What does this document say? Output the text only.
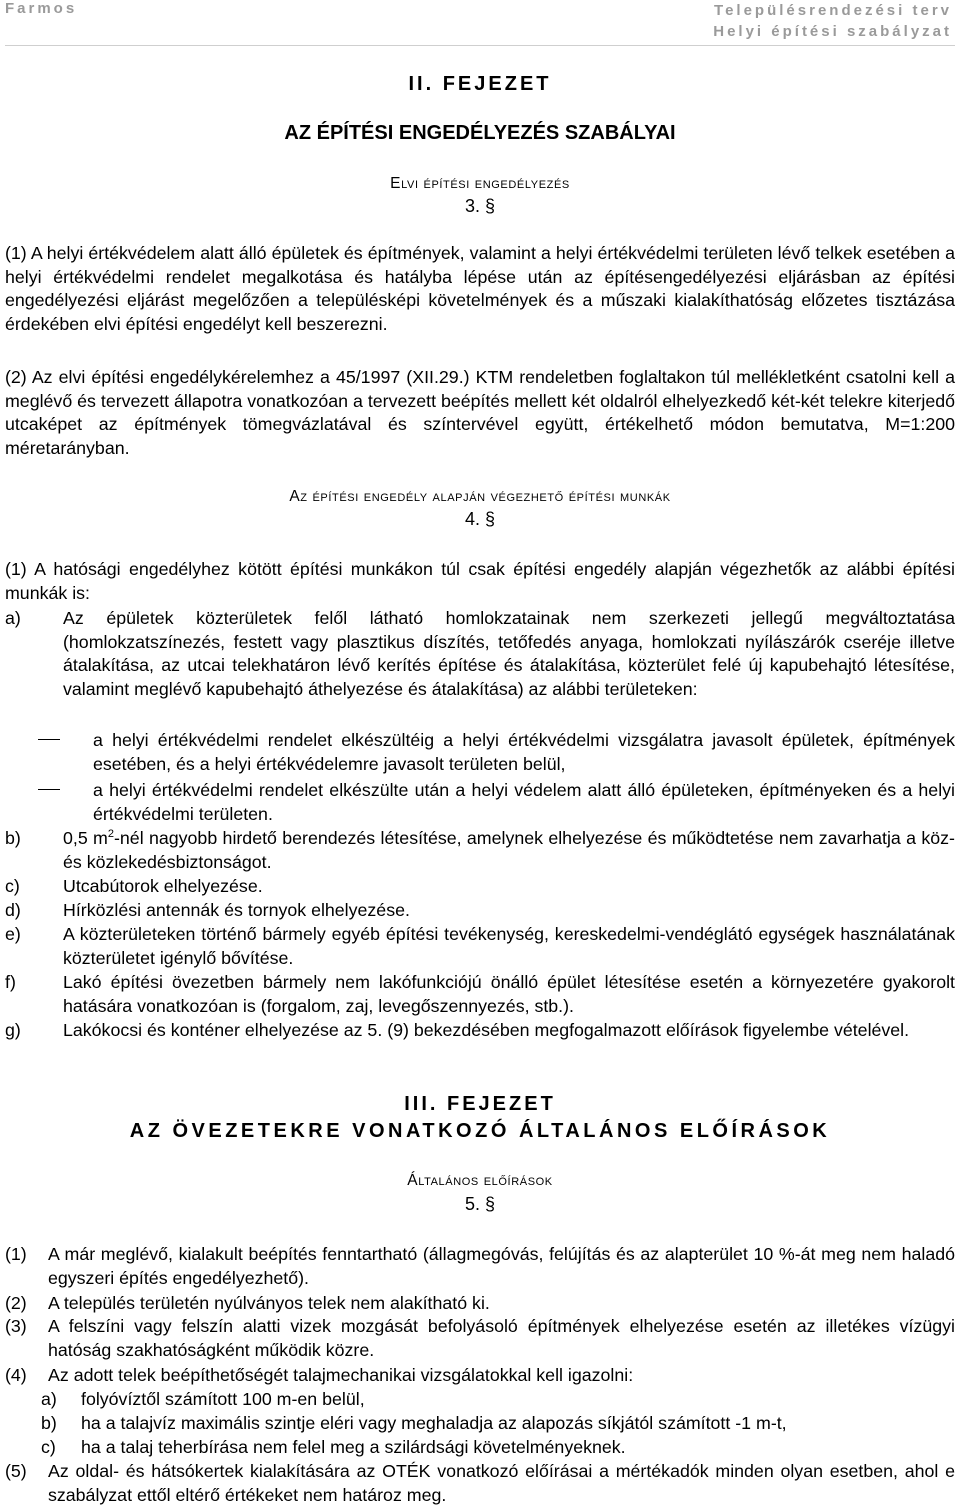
Farmos	Településrendezési terv
Helyi építési szabályzat
II. FEJEZET
AZ ÉPÍTÉSI ENGEDÉLYEZÉS SZABÁLYAI
Elvi építési engedélyezés
3. §

(1) A helyi értékvédelem alatt álló épületek és építmények, valamint a helyi értékvédelmi területen lévő telkek esetében a helyi értékvédelmi rendelet megalkotása és hatályba lépése után az építésengedélyezési eljárásban az építési engedélyezési eljárást megelőzően a településképi követelmények és a műszaki kialakíthatóság előzetes tisztázása érdekében elvi építési engedélyt kell beszerezni.

(2) Az elvi építési engedélykérelemhez a 45/1997 (XII.29.) KTM rendeletben foglaltakon túl mellékletként csatolni kell a meglévő és tervezett állapotra vonatkozóan a tervezett beépítés mellett két oldalról elhelyezkedő két-két telekre kiterjedő utcaképet az építmények tömegvázlatával és színtervével együtt, értékelhető módon bemutatva, M=1:200 méretarányban.

Az építési engedély alapján végezhető építési munkák
4. §

(1) A hatósági engedélyhez kötött építési munkákon túl csak építési engedély alapján végezhetők az alábbi építési munkák is:

a) Az épületek közterületek felől látható homlokzatainak nem szerkezeti jellegű megváltoztatása (homlokzatszínezés, festett vagy plasztikus díszítés, tetőfedés anyaga, homlokzati nyílászárók cseréje illetve átalakítása, az utcai telekhatáron lévő kerítés építése és átalakítása, közterület felé új kapubehajtó létesítése, valamint meglévő kapubehajtó áthelyezése és átalakítása) az alábbi területeken:
a helyi értékvédelmi rendelet elkészültéig a helyi értékvédelmi vizsgálatra javasolt épületek, építmények esetében, és a helyi értékvédelemre javasolt területen belül,
a helyi értékvédelmi rendelet elkészülte után a helyi védelem alatt álló épületeken, építményeken és a helyi értékvédelmi területen.
b) 0,5 $m^2$-nél nagyobb hirdető berendezés létesítése, amelynek elhelyezése és működtetése nem zavarhatja a köz- és közlekedésbiztonságot.
c) Utcabútorok elhelyezése.
d) Hírközlési antennák és tornyok elhelyezése.
e) A közterületeken történő bármely egyéb építési tevékenység, kereskedelmi-vendéglátó egységek használatának közterületet igénylő bővítése.
f)	Lakó építési övezetben bármely nem lakófunkciójú önálló épület létesítése esetén a környezetére gyakorolt hatására vonatkozóan is (forgalom, zaj, levegőszennyezés, stb.).
g) Lakókocsi és konténer elhelyezése az 5. (9) bekezdésében megfogalmazott előírások figyelembe vételével.
III. FEJEZET
AZ ÖVEZETEKRE VONATKOZÓ ÁLTALÁNOS ELŐÍRÁSOK
Általános előírások
5. §
(1) A már meglévő, kialakult beépítés fenntartható (állagmegóvás, felújítás és az alapterület 10 %-át meg nem haladó egyszeri építés engedélyezhető).
(2) A település területén nyúlványos telek nem alakítható ki.
(3) A felszíni vagy felszín alatti vizek mozgását befolyásoló építmények elhelyezése esetén az illetékes vízügyi hatóság szakhatóságként működik közre.
(4) Az adott telek beépíthetőségét talajmechanikai vizsgálatokkal kell igazolni:
a) folyóvíztől számított 100 m-en belül,
b) ha a talajvíz maximális szintje eléri vagy meghaladja az alapozás síkjától számított -1 m-t,
c) ha a talaj teherbírása nem felel meg a szilárdsági követelményeknek.
(5) Az oldal- és hátsókertek kialakítására az OTÉK vonatkozó előírásai a mértékadók minden olyan esetben, ahol e szabályzat ettől eltérő értékeket nem határoz meg.
